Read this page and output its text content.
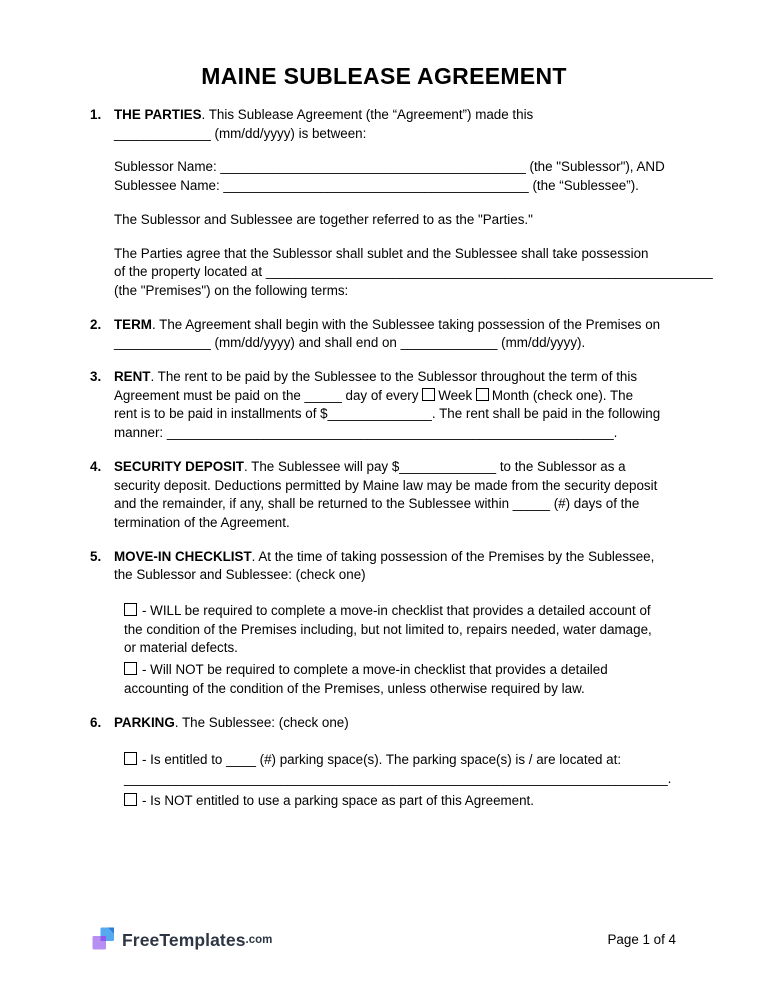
MAINE SUBLEASE AGREEMENT
1. THE PARTIES. This Sublease Agreement (the “Agreement”) made this
_____________ (mm/dd/yyyy) is between:
Sublessor Name: _________________________________________ (the "Sublessor"), AND
Sublessee Name: _________________________________________ (the “Sublessee”).
The Sublessor and Sublessee are together referred to as the "Parties."
The Parties agree that the Sublessor shall sublet and the Sublessee shall take possession
of the property located at ____________________________________________________________
(the "Premises") on the following terms:
2. TERM. The Agreement shall begin with the Sublessee taking possession of the Premises on
_____________ (mm/dd/yyyy) and shall end on _____________ (mm/dd/yyyy).
3. RENT. The rent to be paid by the Sublessee to the Sublessor throughout the term of this
Agreement must be paid on the _____ day of every Week Month (check one). The
rent is to be paid in installments of $______________. The rent shall be paid in the following
manner: ____________________________________________________________.
4. SECURITY DEPOSIT. The Sublessee will pay $_____________ to the Sublessor as a
security deposit. Deductions permitted by Maine law may be made from the security deposit
and the remainder, if any, shall be returned to the Sublessee within _____ (#) days of the
termination of the Agreement.
5. MOVE-IN CHECKLIST. At the time of taking possession of the Premises by the Sublessee,
the Sublessor and Sublessee: (check one)
- WILL be required to complete a move-in checklist that provides a detailed account of
the condition of the Premises including, but not limited to, repairs needed, water damage,
or material defects.
- Will NOT be required to complete a move-in checklist that provides a detailed
accounting of the condition of the Premises, unless otherwise required by law.
6. PARKING. The Sublessee: (check one)
- Is entitled to ____ (#) parking space(s). The parking space(s) is / are located at:
_________________________________________________________________________.
- Is NOT entitled to use a parking space as part of this Agreement.
FreeTemplates .com	Page 1 of 4
